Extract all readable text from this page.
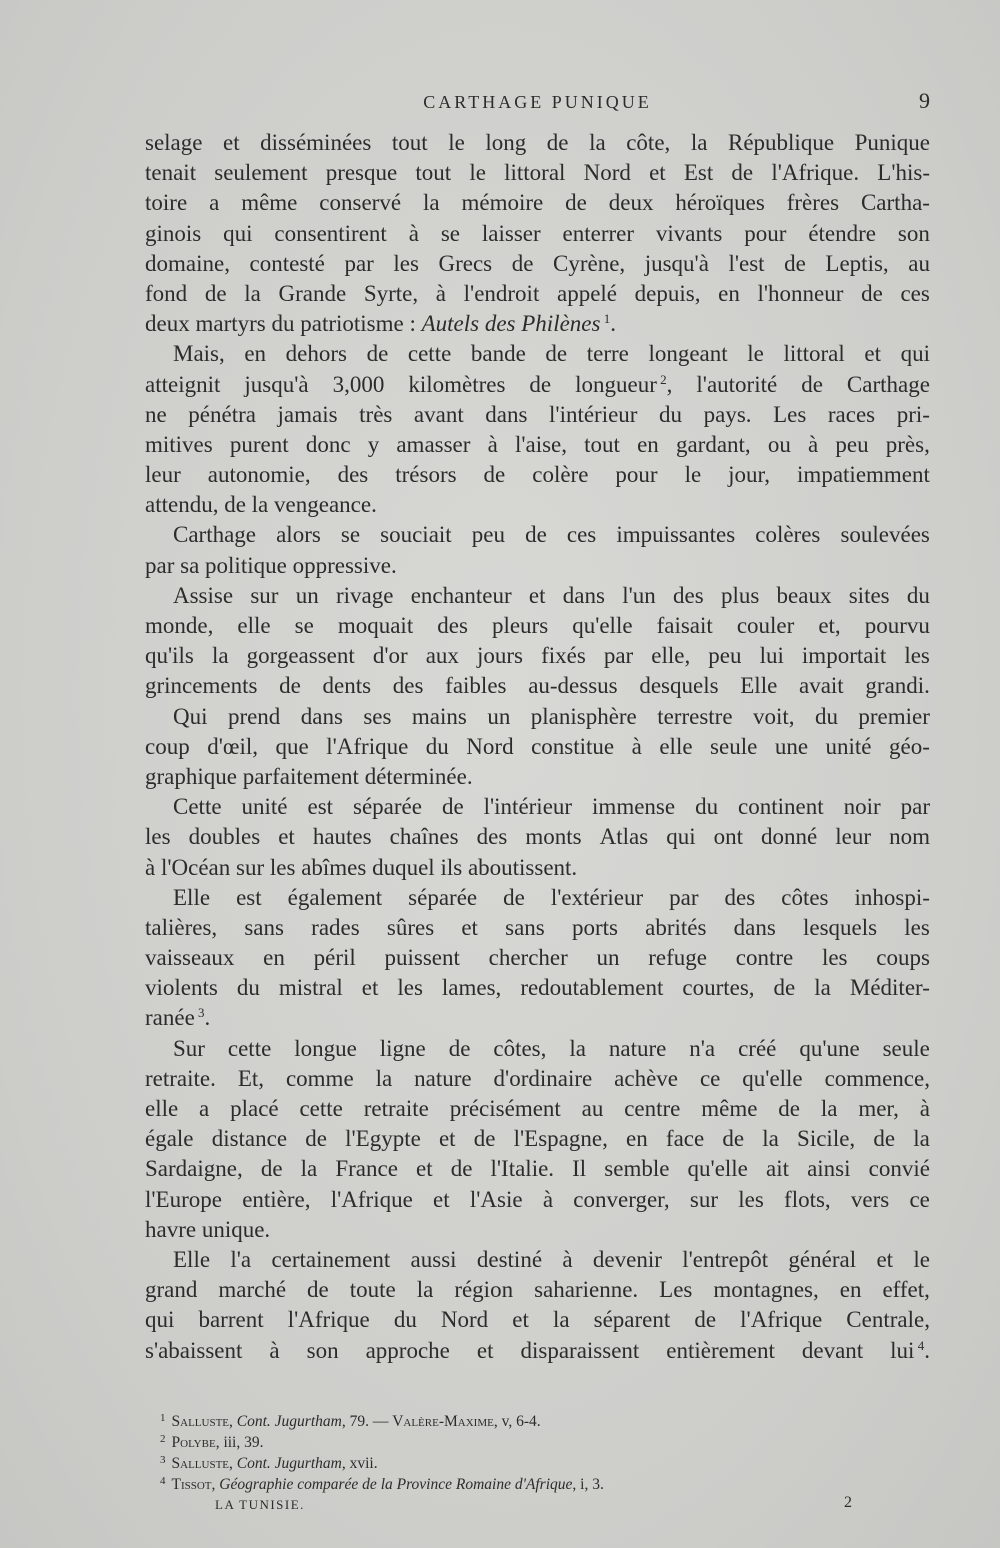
CARTHAGE PUNIQUE	9
selage et disséminées tout le long de la côte, la République Punique
tenait seulement presque tout le littoral Nord et Est de l'Afrique. L'his-
toire a même conservé la mémoire de deux héroïques frères Cartha-
ginois qui consentirent à se laisser enterrer vivants pour étendre son
domaine, contesté par les Grecs de Cyrène, jusqu'à l'est de Leptis, au
fond de la Grande Syrte, à l'endroit appelé depuis, en l'honneur de ces
deux martyrs du patriotisme : Autels des Philènes $^1$.
Mais, en dehors de cette bande de terre longeant le littoral et qui
atteignit jusqu'à 3,000 kilomètres de longueur $^2$, l'autorité de Carthage
ne pénétra jamais très avant dans l'intérieur du pays. Les races pri-
mitives purent donc y amasser à l'aise, tout en gardant, ou à peu près,
leur autonomie, des trésors de colère pour le jour, impatiemment
attendu, de la vengeance.
Carthage alors se souciait peu de ces impuissantes colères soulevées
par sa politique oppressive.
Assise sur un rivage enchanteur et dans l'un des plus beaux sites du
monde, elle se moquait des pleurs qu'elle faisait couler et, pourvu
qu'ils la gorgeassent d'or aux jours fixés par elle, peu lui importait les
grincements de dents des faibles au-dessus desquels Elle avait grandi.
Qui prend dans ses mains un planisphère terrestre voit, du premier
coup d'œil, que l'Afrique du Nord constitue à elle seule une unité géo-
graphique parfaitement déterminée.
Cette unité est séparée de l'intérieur immense du continent noir par
les doubles et hautes chaînes des monts Atlas qui ont donné leur nom
à l'Océan sur les abîmes duquel ils aboutissent.
Elle est également séparée de l'extérieur par des côtes inhospi-
talières, sans rades sûres et sans ports abrités dans lesquels les
vaisseaux en péril puissent chercher un refuge contre les coups
violents du mistral et les lames, redoutablement courtes, de la Méditer-
ranée $^3$.
Sur cette longue ligne de côtes, la nature n'a créé qu'une seule
retraite. Et, comme la nature d'ordinaire achève ce qu'elle commence,
elle a placé cette retraite précisément au centre même de la mer, à
égale distance de l'Egypte et de l'Espagne, en face de la Sicile, de la
Sardaigne, de la France et de l'Italie. Il semble qu'elle ait ainsi convié
l'Europe entière, l'Afrique et l'Asie à converger, sur les flots, vers ce
havre unique.
Elle l'a certainement aussi destiné à devenir l'entrepôt général et le
grand marché de toute la région saharienne. Les montagnes, en effet,
qui barrent l'Afrique du Nord et la séparent de l'Afrique Centrale,
s'abaissent à son approche et disparaissent entièrement devant lui $^4$.
$^1$ Salluste, Cont. Jugurtham, 79. — Valère-Maxime, v, 6-4.
$^2$ Polybe, iii, 39.
$^3$ Salluste, Cont. Jugurtham, xvii.
$^4$ Tissot, Géographie comparée de la Province Romaine d'Afrique, i, 3.
LA TUNISIE.	2
